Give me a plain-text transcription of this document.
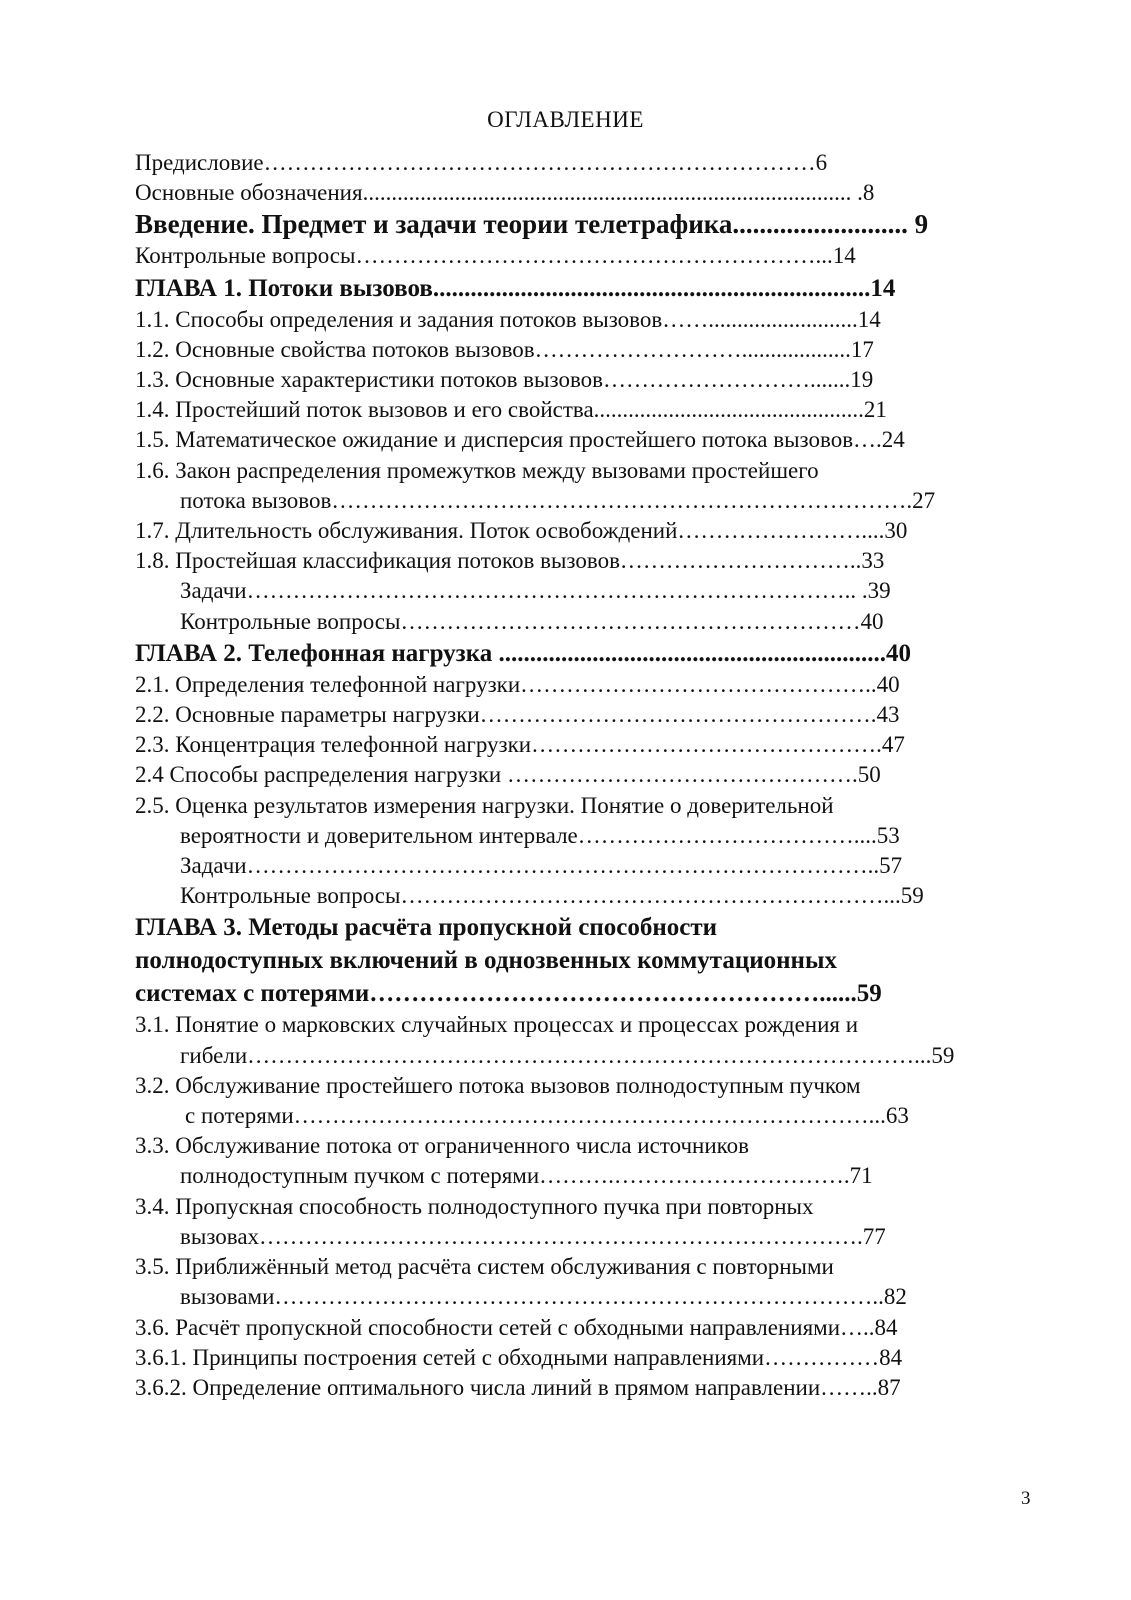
ОГЛАВЛЕНИЕ
Предисловие………………………………………………………………6
Основные обозначения..................................................................................... .8
Введение. Предмет и задачи теории телетрафика.......................... 9
Контрольные вопросы……………………………………………………...14
ГЛАВА 1. Потоки вызовов......................................................................14
1.1. Способы определения и задания потоков вызовов……..........................14
1.2. Основные свойства потоков вызовов………………………...................17
1.3. Основные характеристики потоков вызовов……………………….......19
1.4. Простейший поток вызовов и его свойства...............................................21
1.5. Математическое ожидание и дисперсия простейшего потока вызовов….24
1.6. Закон распределения промежутков между вызовами простейшего
потока вызовов………………………………………………………………….27
1.7. Длительность обслуживания. Поток освобождений……………………....30
1.8. Простейшая классификация потоков вызовов…………………………..33
Задачи…………………………………………………………………….. .39
Контрольные вопросы……………………………………………………40
ГЛАВА 2. Телефонная нагрузка ..............................................................40
2.1. Определения телефонной нагрузки………………………………………..40
2.2. Основные параметры нагрузки…………………………………………….43
2.3. Концентрация телефонной нагрузки……………………………………….47
2.4 Способы распределения нагрузки ……………………………………….50
2.5. Оценка результатов измерения нагрузки. Понятие о доверительной
вероятности и доверительном интервале………………………………....53
Задачи………………………………………………………………………..57
Контрольные вопросы………………………………………………………...59
ГЛАВА 3. Методы расчёта пропускной способности
полнодоступных включений в однозвенных коммутационных
системах с потерями………………………………………………......59
3.1. Понятие о марковских случайных процессах и процессах рождения и
гибели……………………………………………………………………………...59
3.2. Обслуживание простейшего потока вызовов полнодоступным пучком
с потерями…………………………………………………………………...63
3.3. Обслуживание потока от ограниченного числа источников
полнодоступным пучком с потерями……….………………………….71
3.4. Пропускная способность полнодоступного пучка при повторных
вызовах…………………………………………………………………….77
3.5. Приближённый метод расчёта систем обслуживания с повторными
вызовами……………………………………………………………………..82
3.6. Расчёт пропускной способности сетей с обходными направлениями…..84
3.6.1. Принципы построения сетей с обходными направлениями……………84
3.6.2. Определение оптимального числа линий в прямом направлении……..87
3
